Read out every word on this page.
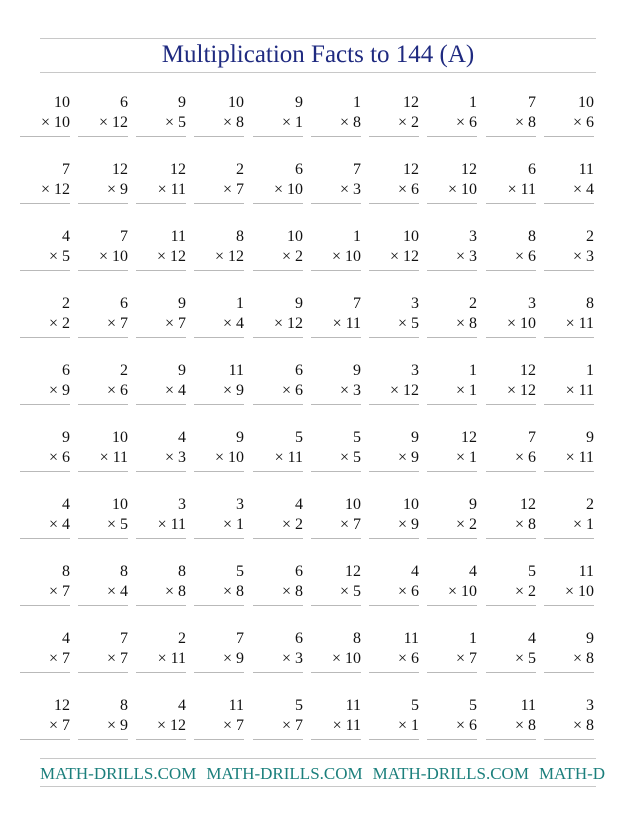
Multiplication Facts to 144 (A)
10
× 10
6
× 12
9
× 5
10
× 8
9
× 1
1
× 8
12
× 2
1
× 6
7
× 8
10
× 6
7
× 12
12
× 9
12
× 11
2
× 7
6
× 10
7
× 3
12
× 6
12
× 10
6
× 11
11
× 4
4
× 5
7
× 10
11
× 12
8
× 12
10
× 2
1
× 10
10
× 12
3
× 3
8
× 6
2
× 3
2
× 2
6
× 7
9
× 7
1
× 4
9
× 12
7
× 11
3
× 5
2
× 8
3
× 10
8
× 11
6
× 9
2
× 6
9
× 4
11
× 9
6
× 6
9
× 3
3
× 12
1
× 1
12
× 12
1
× 11
9
× 6
10
× 11
4
× 3
9
× 10
5
× 11
5
× 5
9
× 9
12
× 1
7
× 6
9
× 11
4
× 4
10
× 5
3
× 11
3
× 1
4
× 2
10
× 7
10
× 9
9
× 2
12
× 8
2
× 1
8
× 7
8
× 4
8
× 8
5
× 8
6
× 8
12
× 5
4
× 6
4
× 10
5
× 2
11
× 10
4
× 7
7
× 7
2
× 11
7
× 9
6
× 3
8
× 10
11
× 6
1
× 7
4
× 5
9
× 8
12
× 7
8
× 9
4
× 12
11
× 7
5
× 7
11
× 11
5
× 1
5
× 6
11
× 8
3
× 8
MATH-DRILLS.COM MATH-DRILLS.COM MATH-DRILLS.COM MATH-D
